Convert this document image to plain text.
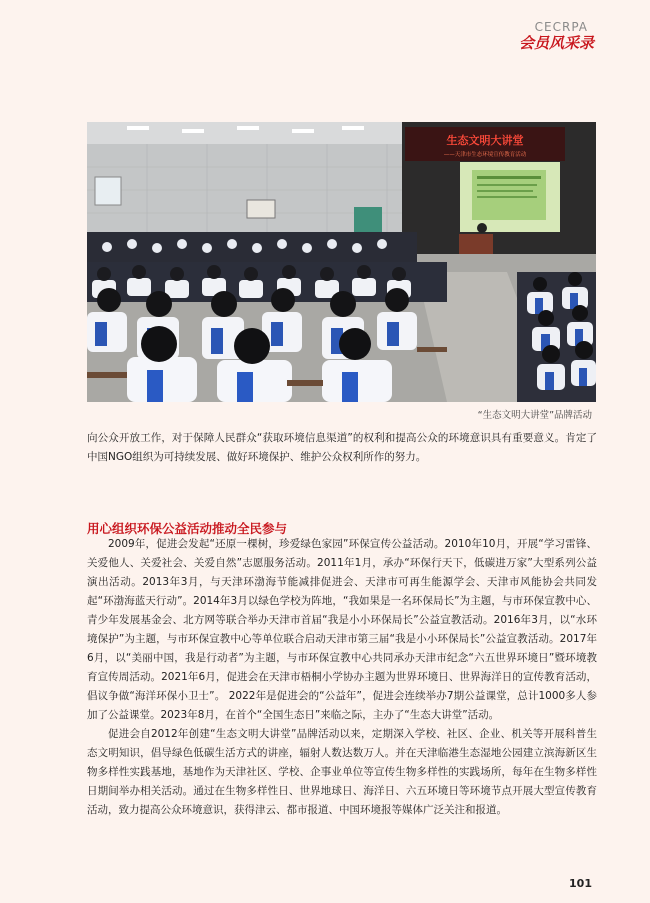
CECRPA
会员风采录
生态文明大讲堂
——天津市生态环境宣传教育活动
“生态文明大讲堂”品牌活动

向公众开放工作，对于保障人民群众“获取环境信息渠道”的权利和提高公众的环境意识具有重要意义。肯定了中国NGO组织为可持续发展、做好环境保护、维护公众权利所作的努力。

用心组织环保公益活动推动全民参与

2009年，促进会发起“还原一棵树，珍爱绿色家园”环保宣传公益活动。2010年10月，开展“学习雷锋、关爱他人、关爱社会、关爱自然”志愿服务活动。2011年1月，承办“环保行天下，低碳进万家”大型系列公益演出活动。2013年3月，与天津环渤海节能减排促进会、天津市可再生能源学会、天津市风能协会共同发起“环渤海蓝天行动”。2014年3月以绿色学校为阵地，“我如果是一名环保局长”为主题，与市环保宣教中心、青少年发展基金会、北方网等联合举办天津市首届“我是小小环保局长”公益宣教活动。2016年3月，以“水环境保护”为主题，与市环保宣教中心等单位联合启动天津市第三届“我是小小环保局长”公益宣教活动。2017年6月，以“美丽中国，我是行动者”为主题，与市环保宣教中心共同承办天津市纪念“六五世界环境日”暨环境教育宣传周活动。2021年6月，促进会在天津市梧桐小学协办主题为世界环境日、世界海洋日的宣传教育活动，倡议争做“海洋环保小卫士”。 2022年是促进会的“公益年”，促进会连续举办7期公益课堂，总计1000多人参加了公益课堂。2023年8月，在首个“全国生态日”来临之际，主办了“生态大讲堂”活动。

促进会自2012年创建“生态文明大讲堂”品牌活动以来，定期深入学校、社区、企业、机关等开展科普生态文明知识，倡导绿色低碳生活方式的讲座，辐射人数达数万人。并在天津临港生态湿地公园建立滨海新区生物多样性实践基地，基地作为天津社区、学校、企事业单位等宣传生物多样性的实践场所，每年在生物多样性日期间举办相关活动。通过在生物多样性日、世界地球日、海洋日、六五环境日等环境节点开展大型宣传教育活动，致力提高公众环境意识，获得津云、都市报道、中国环境报等媒体广泛关注和报道。

101
